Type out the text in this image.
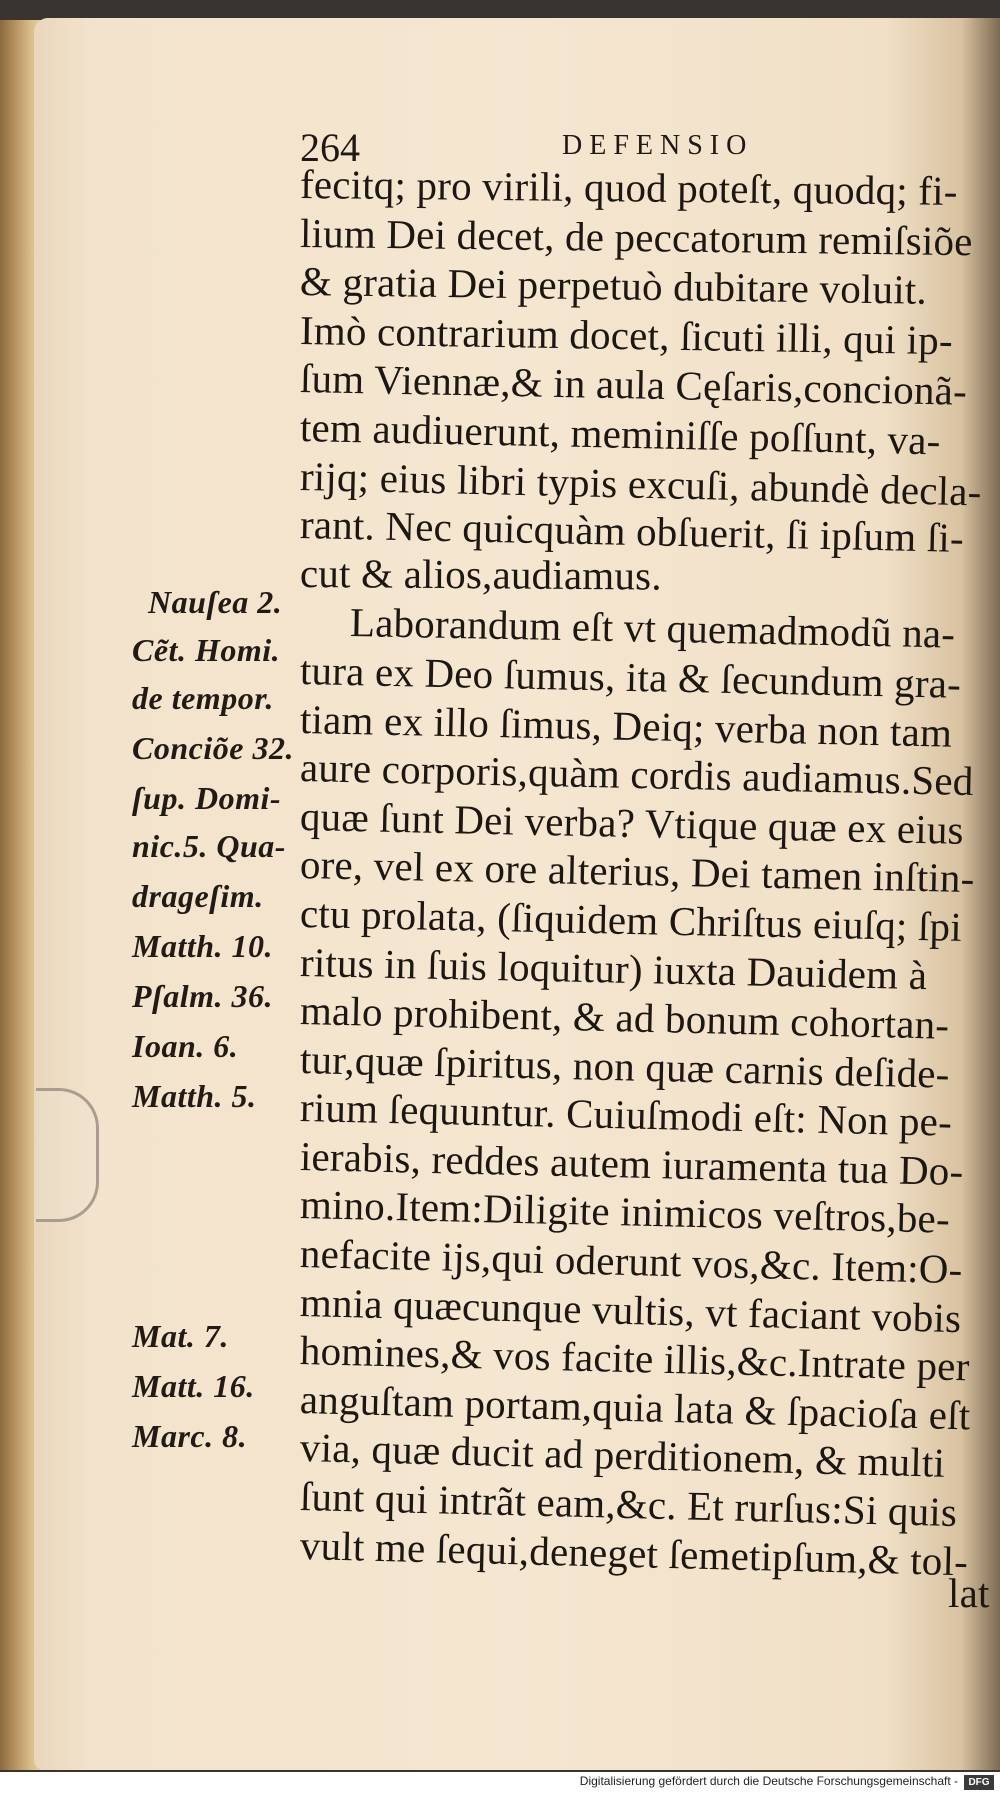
264	DEFENSIO
fecitq; pro virili, quod poteſt, quodq; fi-
lium Dei decet, de peccatorum remiſsiõe
& gratia Dei perpetuò dubitare voluit.
Imò contrarium docet, ſicuti illi, qui ip-
ſum Viennæ,& in aula Cęſaris,concionã-
tem audiuerunt, meminiſſe poſſunt, va-
rijq; eius libri typis excuſi, abundè decla-
rant. Nec quicquàm obſuerit, ſi ipſum ſi-
cut & alios,audiamus.
Laborandum eſt vt quemadmodũ na-
tura ex Deo ſumus, ita & ſecundum gra-
tiam ex illo ſimus, Deiq; verba non tam
aure corporis,quàm cordis audiamus.Sed
quæ ſunt Dei verba? Vtique quæ ex eius
ore, vel ex ore alterius, Dei tamen inſtin-
ctu prolata, (ſiquidem Chriſtus eiuſq; ſpi
ritus in ſuis loquitur) iuxta Dauidem à
malo prohibent, & ad bonum cohortan-
tur,quæ ſpiritus, non quæ carnis deſide-
rium ſequuntur. Cuiuſmodi eſt: Non pe-
ierabis, reddes autem iuramenta tua Do-
mino.Item:Diligite inimicos veſtros,be-
nefacite ijs,qui oderunt vos,&c. Item:O-
mnia quæcunque vultis, vt faciant vobis
homines,& vos facite illis,&c.Intrate per
anguſtam portam,quia lata & ſpacioſa eſt
via, quæ ducit ad perditionem, & multi
ſunt qui intrãt eam,&c. Et rurſus:Si quis
vult me ſequi,deneget ſemetipſum,& tol-
lat
Nauſea 2.
Cẽt. Homi.
de tempor.
Conciõe 32.
ſup. Domi-
nic.5. Qua-
drageſim.
Matth. 10.
Pſalm. 36.
Ioan. 6.
Matth. 5.
Mat. 7.
Matt. 16.
Marc. 8.
Digitalisierung gefördert durch die Deutsche Forschungsgemeinschaft -	DFG
